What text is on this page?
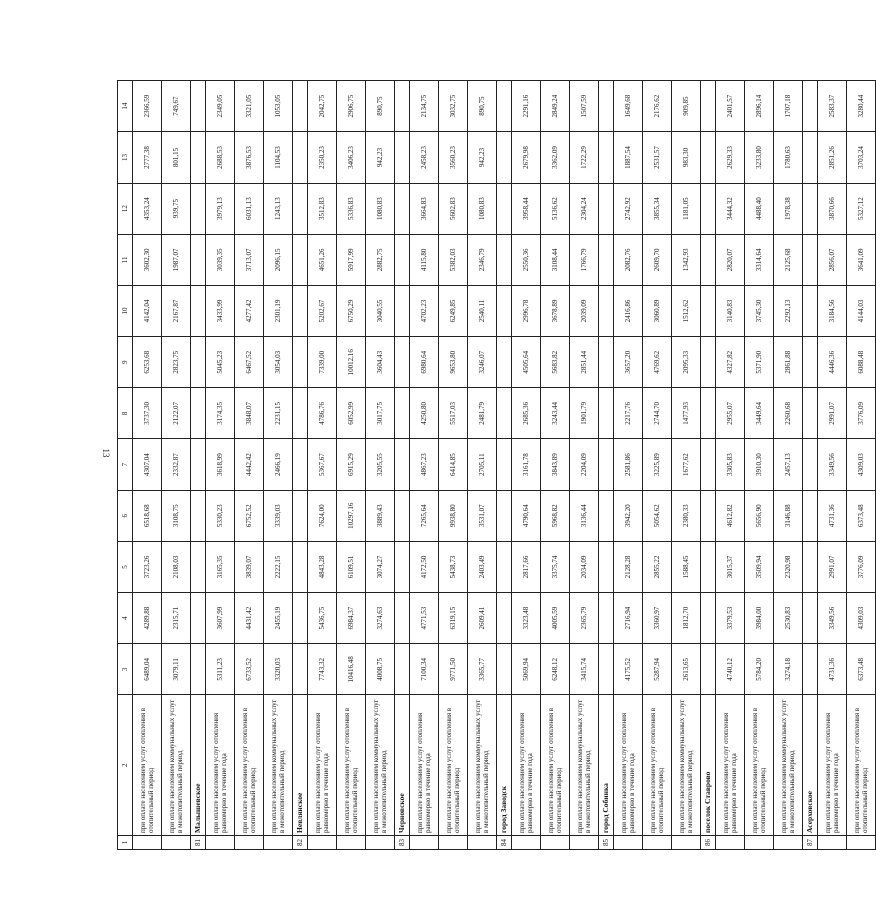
13
1	2	3	4	5	6	7	8	9	10	11	12	13	14
	при оплате населением услуг отопления в отопительный период	6489,04	4289,88	3723,26	6518,68	4307,04	3737,30	6253,68	4142,04	3602,30	4353,24	2777,38	2366,59
	при оплате населением коммунальных услуг в межотопительный период	3079,11	2315,71	2108,03	3108,75	2332,87	2122,07	2823,75	2167,87	1987,07	939,75	801,15	749,67
81	Малышевское												
	при оплате населением услуг отопления равномерно в течение года	5311,23	3607,99	3165,35	5330,23	3618,99	3174,35	5045,23	3433,99	3039,35	3979,13	2688,53	2349,05
	при оплате населением услуг отопления в отопительный период	6733,52	4431,42	3839,07	6752,52	4442,42	3848,07	6467,52	4277,42	3713,07	6031,13	3876,53	3321,05
	при оплате населением коммунальных услуг в межотопительный период	3320,03	2455,19	2222,15	3339,03	2466,19	2231,15	3054,03	2301,19	2096,15	1243,13	1104,53	1053,05
82	Невлянское												
	при оплате населением услуг отопления равномерно в течение года	7743,32	5436,75	4843,28	7624,00	5367,67	4786,76	7339,00	5202,67	4651,26	3512,83	2350,23	2042,75
	при оплате населением услуг отопления в отопительный период	10416,48	6984,37	6109,51	10297,16	6915,29	6052,99	10012,16	6750,29	5917,99	5336,83	3406,23	2906,75
	при оплате населением коммунальных услуг в межотопительный период	4008,75	3274,63	3074,27	3889,43	3205,55	3017,75	3604,43	3040,55	2882,75	1080,83	942,23	890,75
83	Черновское												
	при оплате населением услуг отопления равномерно в течение года	7100,34	4771,53	4172,50	7265,64	4867,23	4250,80	6980,64	4702,23	4115,80	3664,83	2458,23	2134,75
	при оплате населением услуг отопления в отопительный период	9771,50	6319,15	5438,73	9938,80	6414,85	5517,03	9653,80	6249,85	5382,03	5602,83	3560,23	3032,75
	при оплате населением коммунальных услуг в межотопительный период	3365,77	2609,41	2403,49	3531,07	2705,11	2481,79	3246,07	2540,11	2346,79	1080,83	942,23	890,75
84	город Заводск												
	при оплате населением услуг отопления равномерно в течение года	5069,94	3323,48	2817,66	4790,64	3161,78	2685,36	4505,64	2996,78	2550,36	3958,44	2679,98	2291,16
	при оплате населением услуг отопления в отопительный период	6248,12	4005,59	3375,74	5968,82	3843,89	3243,44	5683,82	3678,89	3108,44	5136,62	3362,09	2849,24
	при оплате населением коммунальных услуг в межотопительный период	3415,74	2365,79	2034,09	3136,44	2204,09	1901,79	2851,44	2039,09	1766,79	2304,24	1722,29	1507,59
85	город Собинка												
	при оплате населением услуг отопления равномерно в течение года	4175,52	2716,94	2128,28	3942,20	2581,86	2217,76	3657,20	2416,86	2082,76	2742,92	1887,54	1649,68
	при оплате населением услуг отопления в отопительный период	5287,94	3360,97	2855,22	5054,62	3225,89	2744,70	4769,62	3060,89	2609,70	3855,34	2531,57	2176,62
	при оплате населением коммунальных услуг в межотопительный период	2613,65	1812,70	1588,45	2380,33	1677,62	1477,93	2095,33	1512,62	1342,93	1181,05	983,30	909,85
86	поселок Ставрово												
	при оплате населением услуг отопления равномерно в течение года	4740,12	3379,53	3015,37	4612,82	3305,83	2955,07	4327,82	3140,83	2820,07	3444,32	2629,33	2401,57
	при оплате населением услуг отопления в отопительный период	5784,20	3984,00	3509,94	5656,90	3910,30	3449,64	5371,90	3745,30	3314,64	4488,40	3233,80	2896,14
	при оплате населением коммунальных услуг в межотопительный период	3274,18	2530,83	2320,98	3146,88	2457,13	2260,68	2861,88	2292,13	2125,68	1978,38	1780,63	1707,18
87	Асерховское												
	при оплате населением услуг отопления равномерно в течение года	4731,36	3349,56	2991,07	4731,36	3349,56	2991,07	4446,36	3184,56	2856,07	3870,66	2851,26	2583,37
	при оплате населением услуг отопления в отопительный период	6373,48	4309,03	3776,09	6373,48	4309,03	3776,09	6088,48	4144,03	3641,09	5327,12	3703,24	3280,44
